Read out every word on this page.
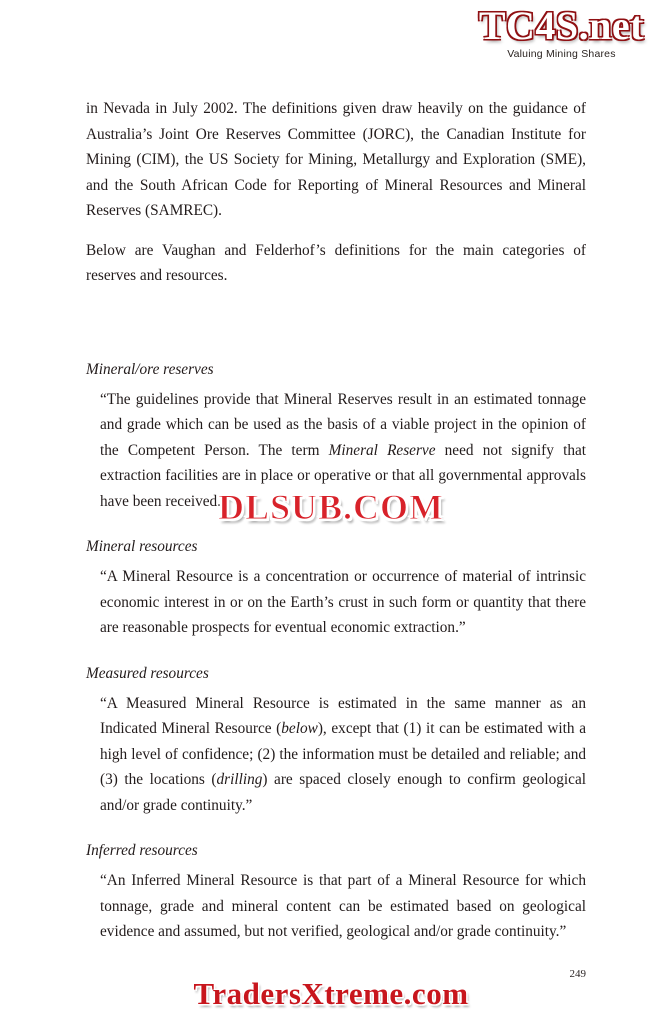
TC4S.net
Valuing Mining Shares

in Nevada in July 2002. The definitions given draw heavily on the guidance of Australia’s Joint Ore Reserves Committee (JORC), the Canadian Institute for Mining (CIM), the US Society for Mining, Metallurgy and Exploration (SME), and the South African Code for Reporting of Mineral Resources and Mineral Reserves (SAMREC).

Below are Vaughan and Felderhof’s definitions for the main categories of reserves and resources.

Mineral/ore reserves

“The guidelines provide that Mineral Reserves result in an estimated tonnage and grade which can be used as the basis of a viable project in the opinion of the Competent Person. The term Mineral Reserve need not signify that extraction facilities are in place or operative or that all governmental approvals have been received.”

Mineral resources

“A Mineral Resource is a concentration or occurrence of material of intrinsic economic interest in or on the Earth’s crust in such form or quantity that there are reasonable prospects for eventual economic extraction.”

Measured resources

“A Measured Mineral Resource is estimated in the same manner as an Indicated Mineral Resource (below), except that (1) it can be estimated with a high level of confidence; (2) the information must be detailed and reliable; and (3) the locations (drilling) are spaced closely enough to confirm geological and/or grade continuity.”

Inferred resources

“An Inferred Mineral Resource is that part of a Mineral Resource for which tonnage, grade and mineral content can be estimated based on geological evidence and assumed, but not verified, geological and/or grade continuity.”

DLSUB.COM
249
TradersXtreme.com
